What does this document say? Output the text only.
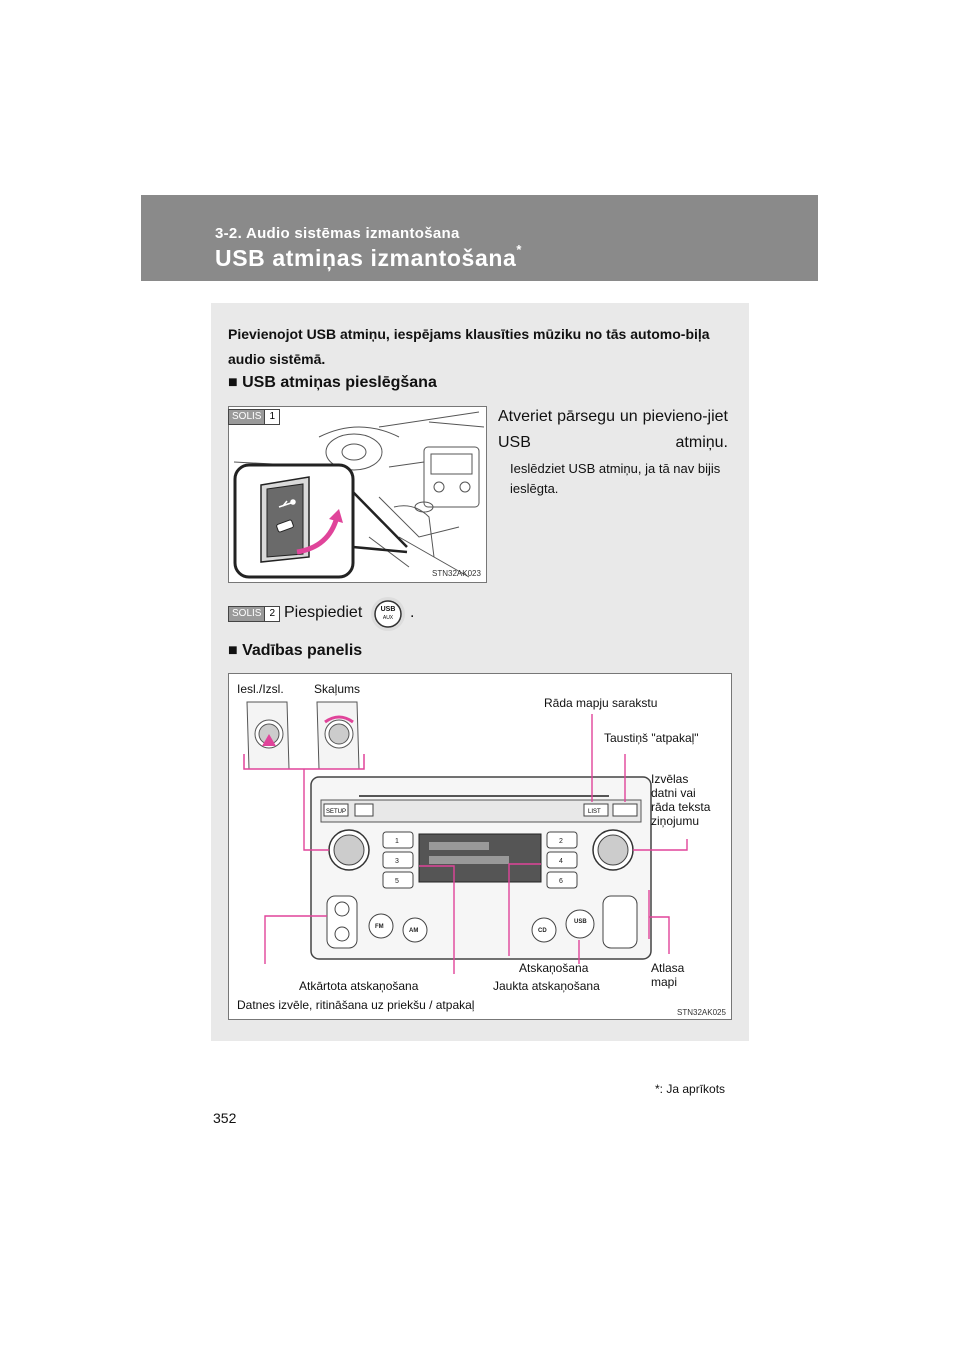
3-2. Audio sistēmas izmantošana
USB atmiņas izmantošana*
Pievienojot USB atmiņu, iespējams klausīties mūziku no tās automo-biļa audio sistēmā.
■ USB atmiņas pieslēgšana
STN32AK023
SOLIS 1	Atveriet pārsegu un pievieno-jiet USB atmiņu.
Ieslēdziet USB atmiņu, ja tā nav bijis ieslēgta.
SOLIS 2 Piespiediet	USB
AUX	.
■ Vadības panelis
SETUP	LIST
1
3
5
2
4
6
FM
AM	CD
USB
Iesl./Izsl.	Skaļums
Rāda mapju sarakstu
Taustiņš "atpakaļ"
Izvēlas
datni vai
rāda teksta
ziņojumu
Atlasa
mapi
Atskaņošana
Jaukta atskaņošana
Atkārtota atskaņošana
Datnes izvēle, ritināšana uz priekšu / atpakaļ
STN32AK025
*: Ja aprīkots
352
